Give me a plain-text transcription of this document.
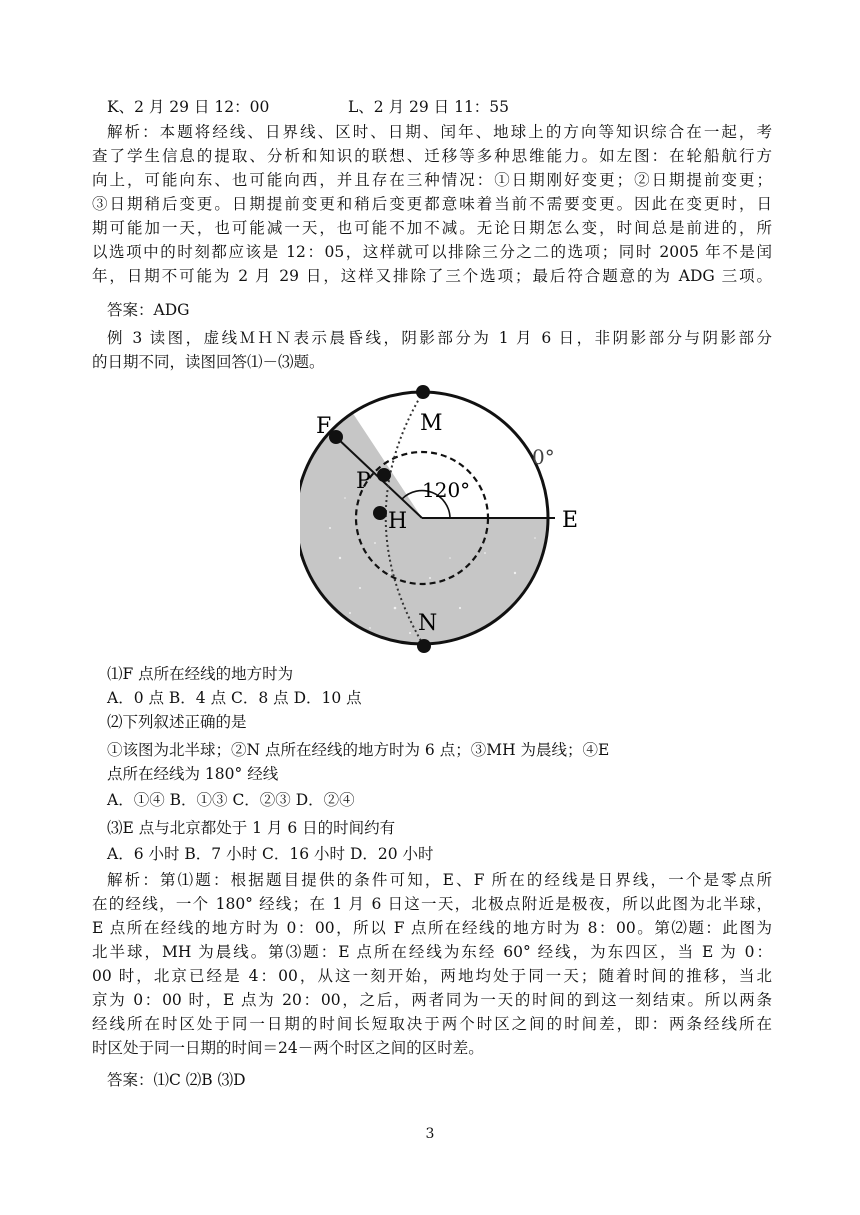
K、2 月 29 日 12：00	L、2 月 29 日 11：55
解析：本题将经线、日界线、区时、日期、闰年、地球上的方向等知识综合在一起，考
查了学生信息的提取、分析和知识的联想、迁移等多种思维能力。如左图：在轮船航行方
向上，可能向东、也可能向西，并且存在三种情况：①日期刚好变更；②日期提前变更；
③日期稍后变更。日期提前变更和稍后变更都意味着当前不需要变更。因此在变更时，日
期可能加一天，也可能减一天，也可能不加不减。无论日期怎么变，时间总是前进的，所
以选项中的时刻都应该是 12：05，这样就可以排除三分之二的选项；同时 2005 年不是闰
年，日期不可能为 2 月 29 日，这样又排除了三个选项；最后符合题意的为 ADG 三项。
答案：ADG
例 3 读图，虚线ＭＨＮ表示晨昏线，阴影部分为 1 月 6 日，非阴影部分与阴影部分
的日期不同，读图回答⑴－⑶题。
M
F
P
H	E
N
120°
0°
⑴F 点所在经线的地方时为
A．0 点 B．4 点 C．8 点 D．10 点
⑵下列叙述正确的是
①该图为北半球；②N 点所在经线的地方时为 6 点；③MH 为晨线；④E
点所在经线为 180° 经线
A．①④ B．①③ C．②③ D．②④
⑶E 点与北京都处于 1 月 6 日的时间约有
A．6 小时 B．7 小时 C．16 小时 D．20 小时
解析：第⑴题：根据题目提供的条件可知，E、F 所在的经线是日界线，一个是零点所
在的经线，一个 180° 经线；在 1 月 6 日这一天，北极点附近是极夜，所以此图为北半球，
E 点所在经线的地方时为 0：00，所以 F 点所在经线的地方时为 8：00。第⑵题：此图为
北半球，MH 为晨线。第⑶题：E 点所在经线为东经 60° 经线，为东四区，当 E 为 0：
00 时，北京已经是 4：00，从这一刻开始，两地均处于同一天；随着时间的推移，当北
京为 0：00 时，E 点为 20：00，之后，两者同为一天的时间的到这一刻结束。所以两条
经线所在时区处于同一日期的时间长短取决于两个时区之间的时间差，即：两条经线所在
时区处于同一日期的时间＝24－两个时区之间的区时差。
答案：⑴C ⑵B ⑶D
3
